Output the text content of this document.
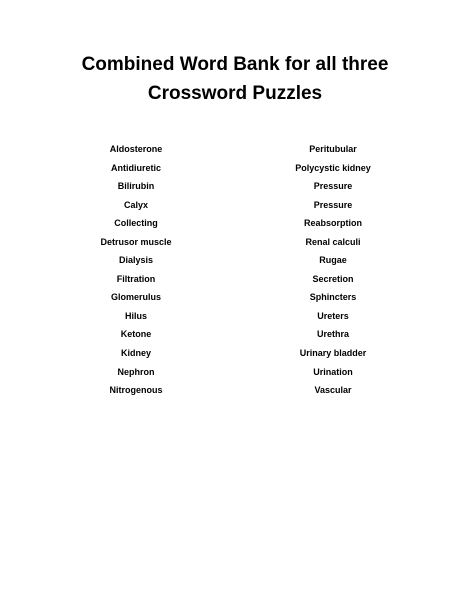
Combined Word Bank for all three
Crossword Puzzles
Aldosterone
Antidiuretic
Bilirubin
Calyx
Collecting
Detrusor muscle
Dialysis
Filtration
Glomerulus
Hilus
Ketone
Kidney
Nephron
Nitrogenous
Peritubular
Polycystic kidney
Pressure
Pressure
Reabsorption
Renal calculi
Rugae
Secretion
Sphincters
Ureters
Urethra
Urinary bladder
Urination
Vascular
